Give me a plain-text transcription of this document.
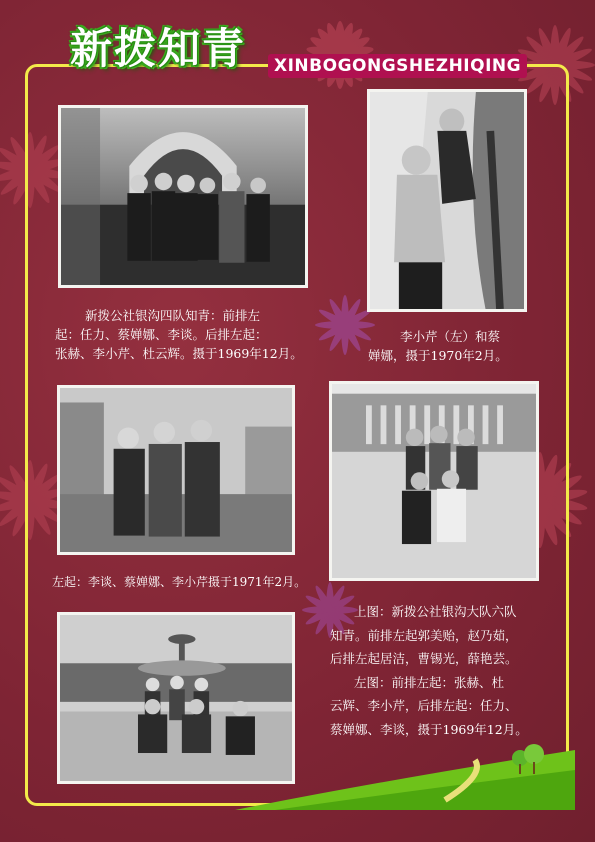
新拨知青	XINBOGONGSHEZHIQING
新拨公社银沟四队知青：前排左
起：任力、蔡婵娜、李谈。后排左起：
张赫、李小芹、杜云辉。摄于1969年12月。
李小芹（左）和蔡
婵娜，摄于1970年2月。
左起：李谈、蔡婵娜、李小芹摄于1971年2月。
上图：新拨公社银沟大队六队
知青。前排左起郭美贻，赵乃茹，
后排左起居洁，曹锡光，薛艳芸。
左图：前排左起：张赫、杜
云辉、李小芹，后排左起：任力、
蔡婵娜、李谈，摄于1969年12月。
